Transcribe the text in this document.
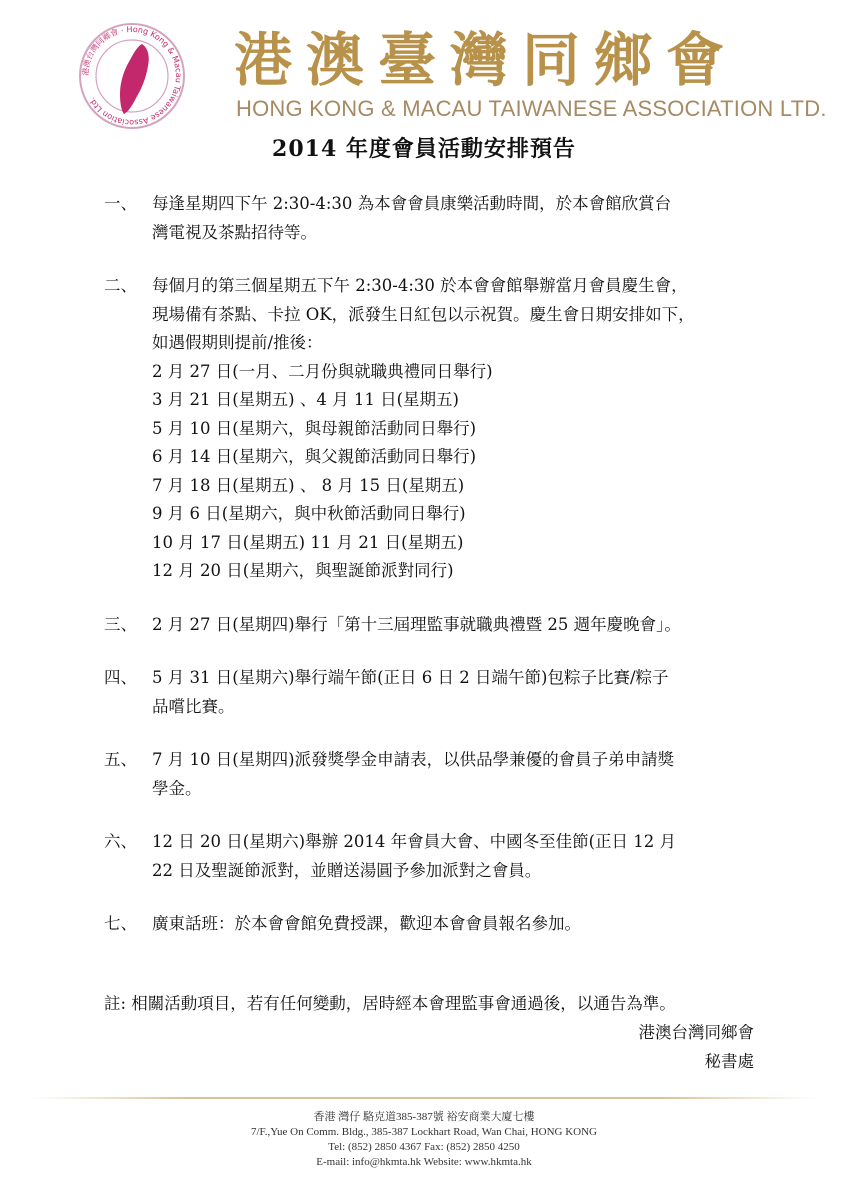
港澳台灣同鄉會 · Hong Kong & Macau Taiwanese Association Ltd.
港澳臺灣同鄉會
HONG KONG & MACAU TAIWANESE ASSOCIATION LTD.
2014 年度會員活動安排預告
一、 每逢星期四下午 2:30-4:30 為本會會員康樂活動時間，於本會館欣賞台
灣電視及茶點招待等。
二、 每個月的第三個星期五下午 2:30-4:30 於本會會館舉辦當月會員慶生會，
現場備有茶點、卡拉 OK，派發生日紅包以示祝賀。慶生會日期安排如下，
如遇假期則提前/推後：
2 月 27 日(一月、二月份與就職典禮同日舉行)
3 月 21 日(星期五) 、4 月 11 日(星期五)
5 月 10 日(星期六，與母親節活動同日舉行)
6 月 14 日(星期六，與父親節活動同日舉行)
7 月 18 日(星期五) 、 8 月 15 日(星期五)
9 月 6 日(星期六，與中秋節活動同日舉行)
10 月 17 日(星期五) 11 月 21 日(星期五)
12 月 20 日(星期六，與聖誕節派對同行)
三、 2 月 27 日(星期四)舉行「第十三屆理監事就職典禮暨 25 週年慶晚會」。
四、 5 月 31 日(星期六)舉行端午節(正日 6 日 2 日端午節)包粽子比賽/粽子
品嚐比賽。
五、 7 月 10 日(星期四)派發獎學金申請表，以供品學兼優的會員子弟申請獎
學金。
六、 12 日 20 日(星期六)舉辦 2014 年會員大會、中國冬至佳節(正日 12 月
22 日及聖誕節派對，並贈送湯圓予參加派對之會員。
七、 廣東話班：於本會會館免費授課，歡迎本會會員報名參加。
註: 相關活動項目，若有任何變動，居時經本會理監事會通過後，以通告為準。
港澳台灣同鄉會
秘書處
香港 灣仔 駱克道385-387號 裕安商業大廈七樓
7/F.,Yue On Comm. Bldg., 385-387 Lockhart Road, Wan Chai, HONG KONG
Tel: (852) 2850 4367 Fax: (852) 2850 4250
E-mail: info@hkmta.hk Website: www.hkmta.hk
